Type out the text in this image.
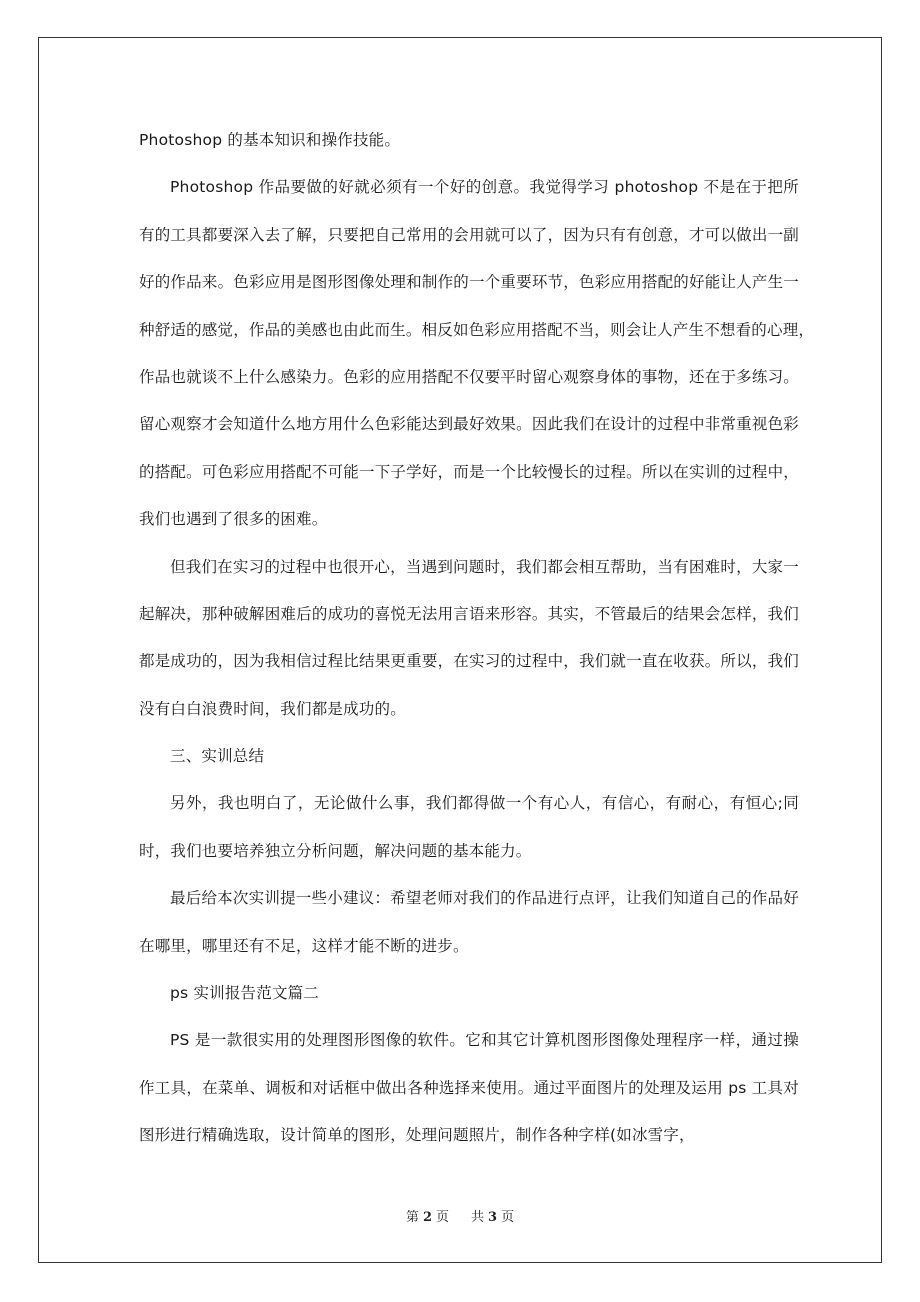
Photoshop 的基本知识和操作技能。
Photoshop 作品要做的好就必须有一个好的创意。我觉得学习 photoshop 不是在于把所
有的工具都要深入去了解，只要把自己常用的会用就可以了，因为只有有创意，才可以做出一副
好的作品来。色彩应用是图形图像处理和制作的一个重要环节，色彩应用搭配的好能让人产生一
种舒适的感觉，作品的美感也由此而生。相反如色彩应用搭配不当，则会让人产生不想看的心理，
作品也就谈不上什么感染力。色彩的应用搭配不仅要平时留心观察身体的事物，还在于多练习。
留心观察才会知道什么地方用什么色彩能达到最好效果。因此我们在设计的过程中非常重视色彩
的搭配。可色彩应用搭配不可能一下子学好，而是一个比较慢长的过程。所以在实训的过程中，
我们也遇到了很多的困难。
但我们在实习的过程中也很开心，当遇到问题时，我们都会相互帮助，当有困难时，大家一
起解决，那种破解困难后的成功的喜悦无法用言语来形容。其实，不管最后的结果会怎样，我们
都是成功的，因为我相信过程比结果更重要，在实习的过程中，我们就一直在收获。所以，我们
没有白白浪费时间，我们都是成功的。
三、实训总结
另外，我也明白了，无论做什么事，我们都得做一个有心人，有信心，有耐心，有恒心;同
时，我们也要培养独立分析问题，解决问题的基本能力。
最后给本次实训提一些小建议：希望老师对我们的作品进行点评，让我们知道自己的作品好
在哪里，哪里还有不足，这样才能不断的进步。
ps 实训报告范文篇二
PS 是一款很实用的处理图形图像的软件。它和其它计算机图形图像处理程序一样，通过操
作工具，在菜单、调板和对话框中做出各种选择来使用。通过平面图片的处理及运用 ps 工具对
图形进行精确选取，设计简单的图形，处理问题照片，制作各种字样(如冰雪字，
第 2 页 共 3 页
